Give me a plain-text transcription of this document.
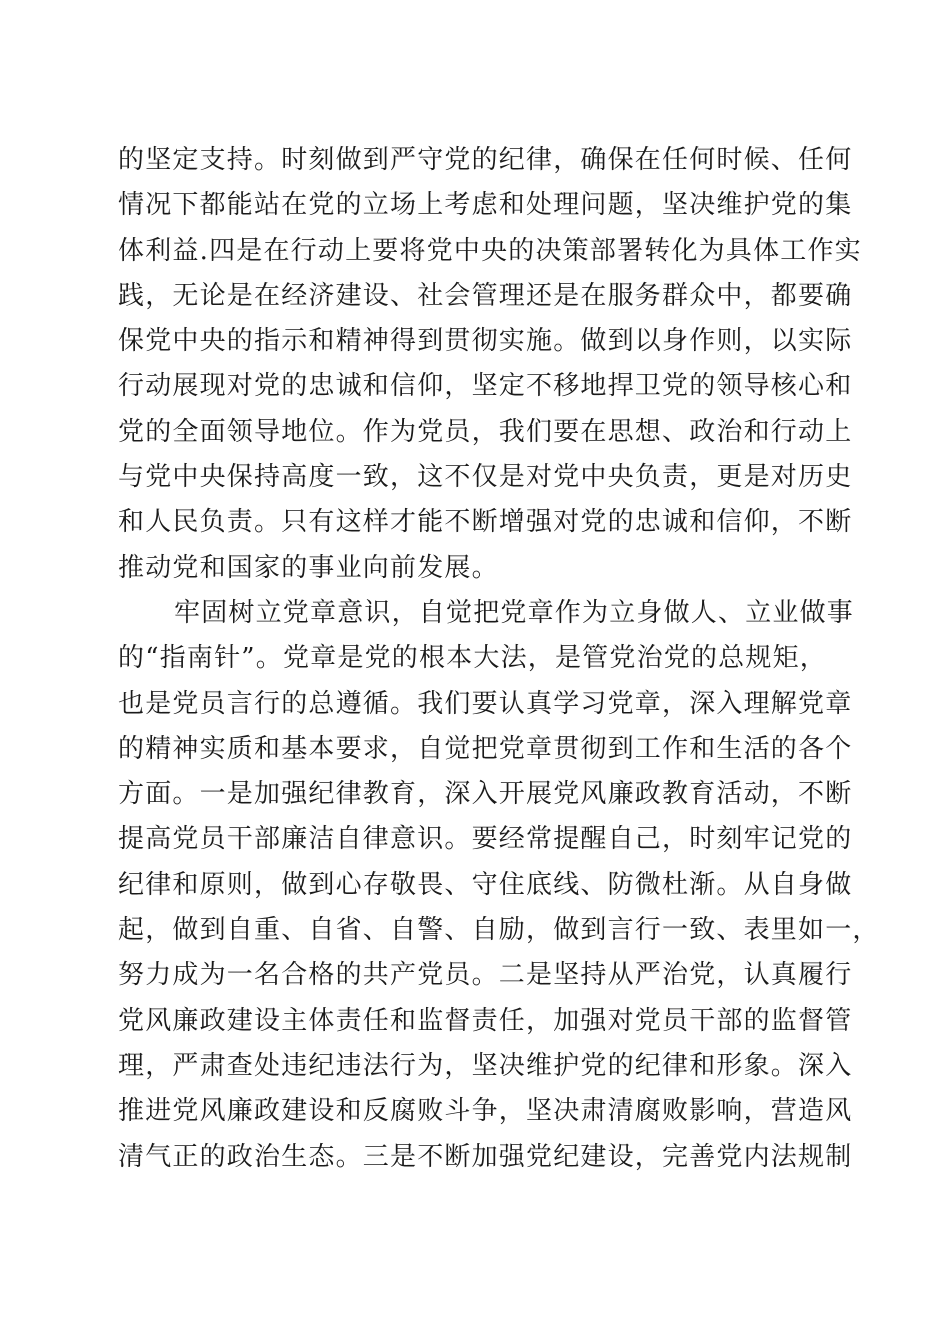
的坚定支持。时刻做到严守党的纪律，确保在任何时候、任何
情况下都能站在党的立场上考虑和处理问题，坚决维护党的集
体利益.四是在行动上要将党中央的决策部署转化为具体工作实
践，无论是在经济建设、社会管理还是在服务群众中，都要确
保党中央的指示和精神得到贯彻实施。做到以身作则，以实际
行动展现对党的忠诚和信仰，坚定不移地捍卫党的领导核心和
党的全面领导地位。作为党员，我们要在思想、政治和行动上
与党中央保持高度一致，这不仅是对党中央负责，更是对历史
和人民负责。只有这样才能不断增强对党的忠诚和信仰，不断
推动党和国家的事业向前发展。
牢固树立党章意识，自觉把党章作为立身做人、立业做事
的“指南针”。党章是党的根本大法，是管党治党的总规矩，
也是党员言行的总遵循。我们要认真学习党章，深入理解党章
的精神实质和基本要求，自觉把党章贯彻到工作和生活的各个
方面。一是加强纪律教育，深入开展党风廉政教育活动，不断
提高党员干部廉洁自律意识。要经常提醒自己，时刻牢记党的
纪律和原则，做到心存敬畏、守住底线、防微杜渐。从自身做
起，做到自重、自省、自警、自励，做到言行一致、表里如一，
努力成为一名合格的共产党员。二是坚持从严治党，认真履行
党风廉政建设主体责任和监督责任，加强对党员干部的监督管
理，严肃查处违纪违法行为，坚决维护党的纪律和形象。深入
推进党风廉政建设和反腐败斗争，坚决肃清腐败影响，营造风
清气正的政治生态。三是不断加强党纪建设，完善党内法规制
